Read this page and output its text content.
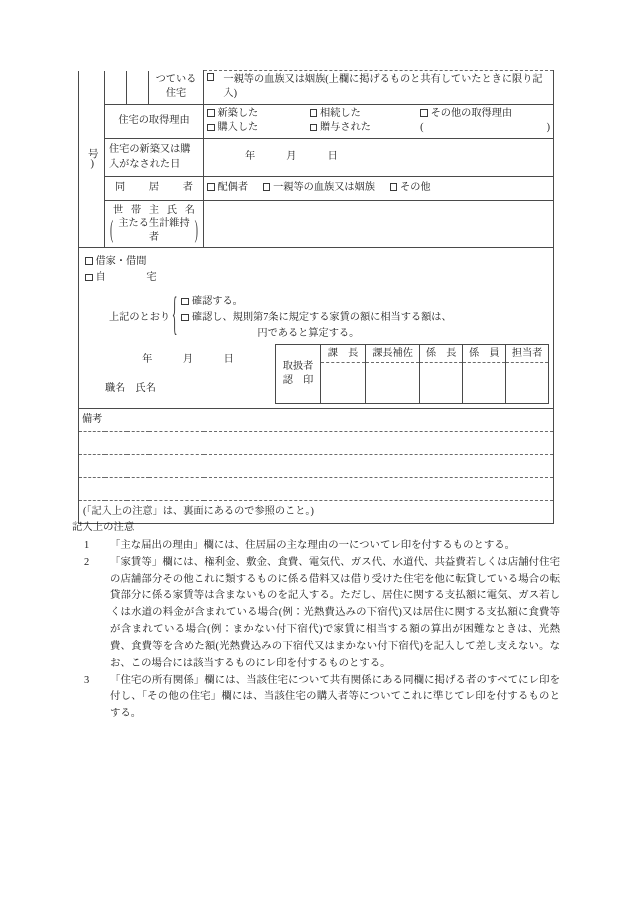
号)
			つている住宅	
一親等の血族又は姻族(上欄に掲げるものと共有していたときに限り記入)

住宅の取得理由	
新築した	相続した	その他の取得理由
購入した	贈与された	(	)

住宅の新築又は購入がなされた日	
年	月	日

同　　居　　者	配偶者 一親等の血族又は姻族 その他

世 帯 主 氏 名
( 主たる生計維持者	)

借家・借間
自　　　　宅
上記のとおり {	確認する。
確認し、規則第7条に規定する家賃の額に相当する額は、
円であると算定する。
年	月	日
職名　氏名
取扱者
認　印
	課　長	課長補佐	係　長	係　員	担当者

備考

(「記入上の注意」は、裏面にあるので参照のこと。)
記入上の注意
1	「主な届出の理由」欄には、住居届の主な理由の一についてレ印を付するものとする。
2	「家賃等」欄には、権利金、敷金、食費、電気代、ガス代、水道代、共益費若しくは店舗付住宅の店舗部分その他これに類するものに係る借料又は借り受けた住宅を他に転貸している場合の転貸部分に係る家賃等は含まないものを記入する。ただし、居住に関する支払額に電気、ガス若しくは水道の料金が含まれている場合(例：光熱費込みの下宿代)又は居住に関する支払額に食費等が含まれている場合(例：まかない付下宿代)で家賃に相当する額の算出が困難なときは、光熱費、食費等を含めた額(光熱費込みの下宿代又はまかない付下宿代)を記入して差し支えない。なお、この場合には該当するものにレ印を付するものとする。
3	「住宅の所有関係」欄には、当該住宅について共有関係にある同欄に掲げる者のすべてにレ印を付し、「その他の住宅」欄には、当該住宅の購入者等についてこれに準じてレ印を付するものとする。
